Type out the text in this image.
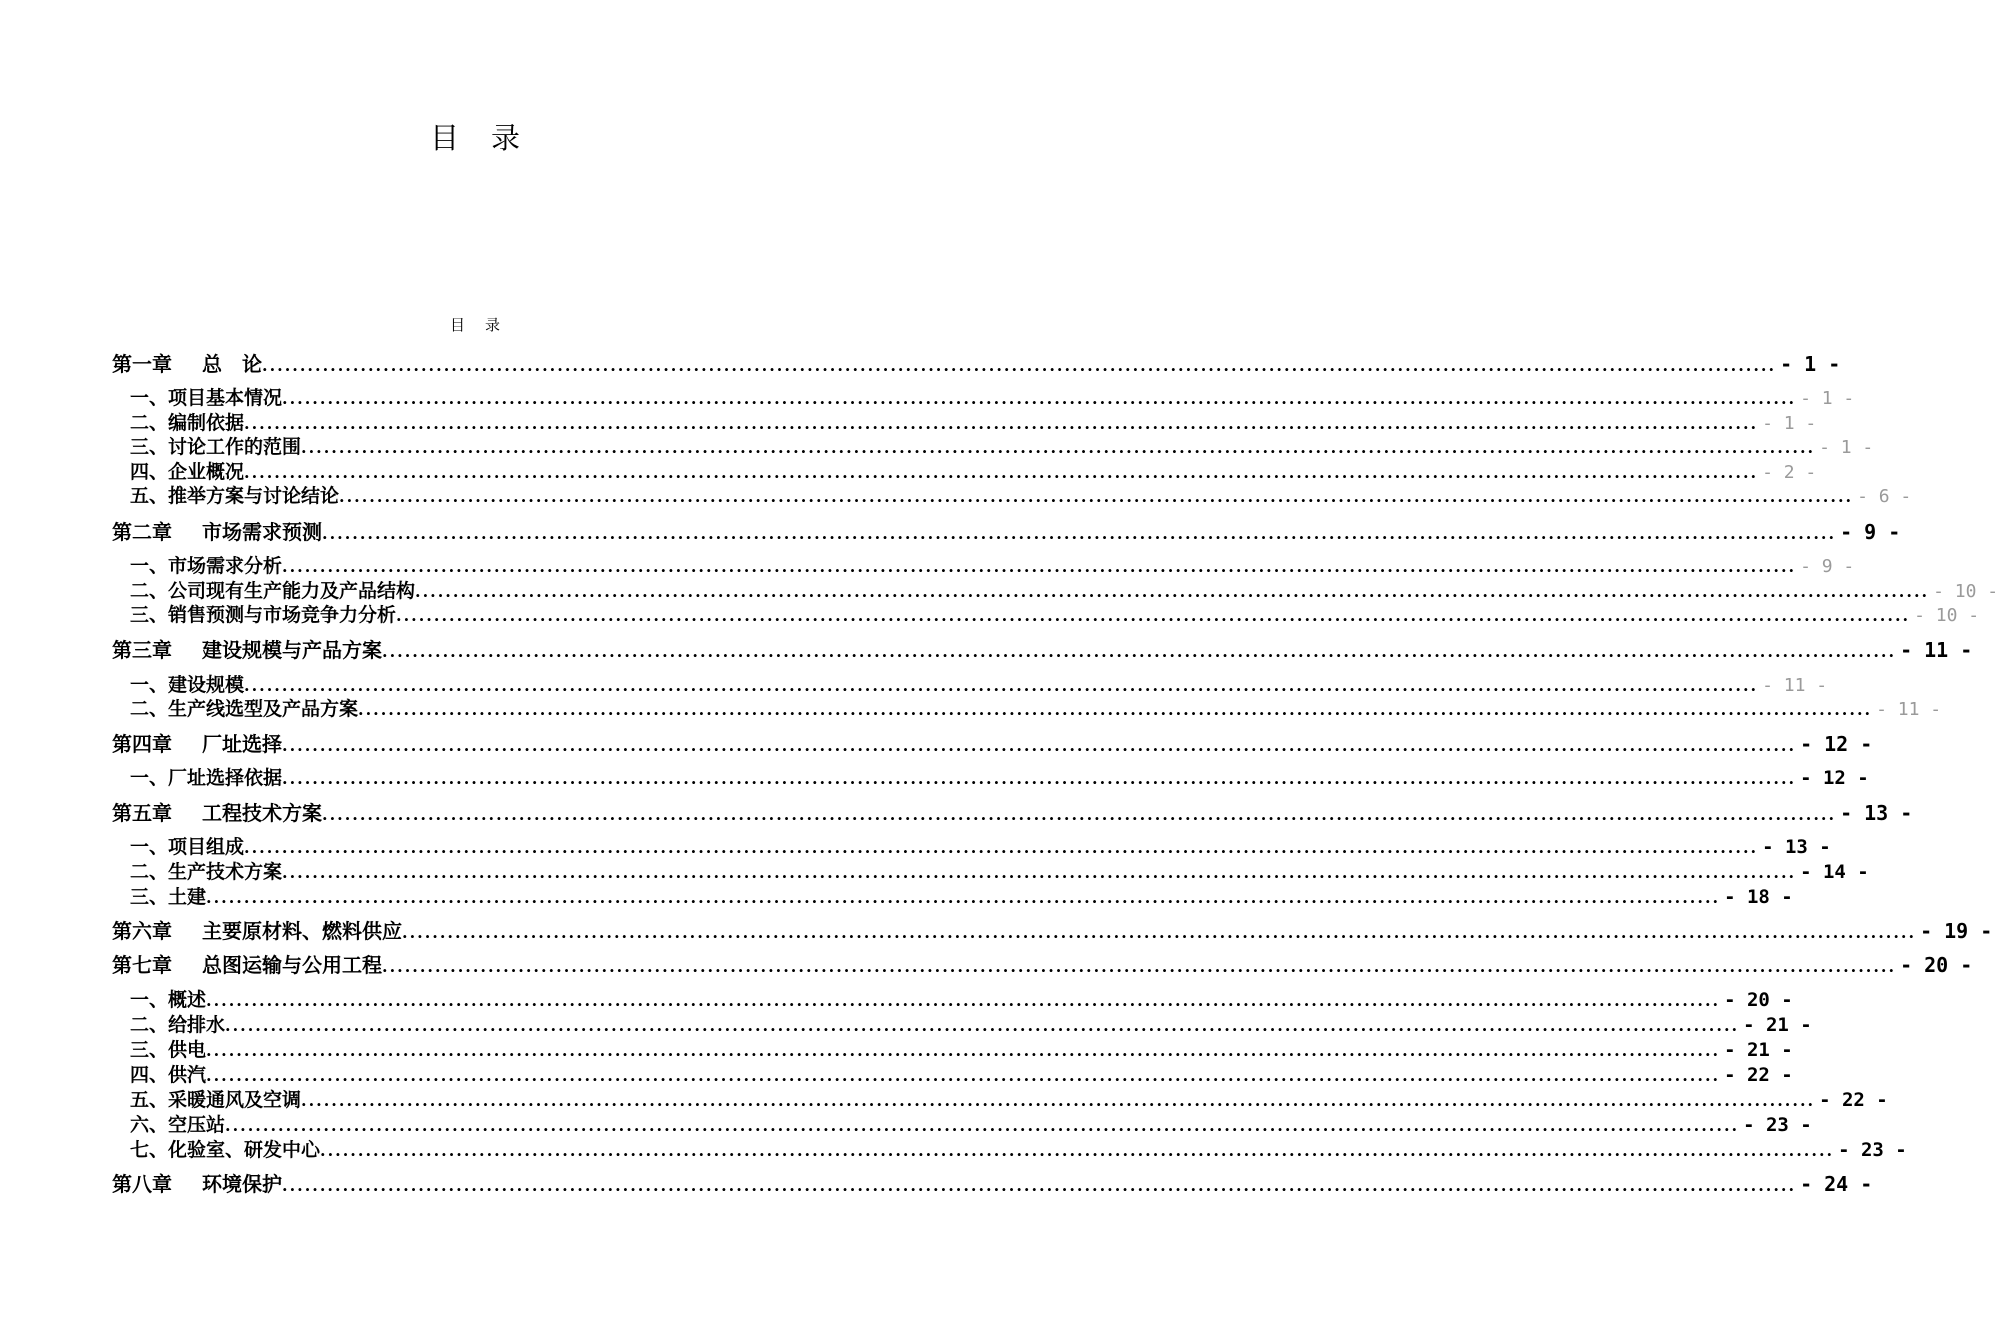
目录
目录
第一章 总　论 ........................................................................................................................................................................................................ - 1 -
一、项目基本情况 ........................................................................................................................................................................................................ - 1 -
二、编制依据 ........................................................................................................................................................................................................ - 1 -
三、讨论工作的范围 ........................................................................................................................................................................................................ - 1 -
四、企业概况 ........................................................................................................................................................................................................ - 2 -
五、推举方案与讨论结论 ........................................................................................................................................................................................................ - 6 -
第二章 市场需求预测 ........................................................................................................................................................................................................ - 9 -
一、市场需求分析 ........................................................................................................................................................................................................ - 9 -
二、公司现有生产能力及产品结构 ........................................................................................................................................................................................................ - 10 -
三、销售预测与市场竞争力分析 ........................................................................................................................................................................................................ - 10 -
第三章 建设规模与产品方案 ........................................................................................................................................................................................................ - 11 -
一、建设规模 ........................................................................................................................................................................................................ - 11 -
二、生产线选型及产品方案 ........................................................................................................................................................................................................ - 11 -
第四章 厂址选择 ........................................................................................................................................................................................................ - 12 -
一、厂址选择依据 ........................................................................................................................................................................................................ - 12 -
第五章 工程技术方案 ........................................................................................................................................................................................................ - 13 -
一、项目组成 ........................................................................................................................................................................................................ - 13 -
二、生产技术方案 ........................................................................................................................................................................................................ - 14 -
三、土建 ........................................................................................................................................................................................................ - 18 -
第六章 主要原材料、燃料供应 ........................................................................................................................................................................................................ - 19 -
第七章 总图运输与公用工程 ........................................................................................................................................................................................................ - 20 -
一、概述 ........................................................................................................................................................................................................ - 20 -
二、给排水 ........................................................................................................................................................................................................ - 21 -
三、供电 ........................................................................................................................................................................................................ - 21 -
四、供汽 ........................................................................................................................................................................................................ - 22 -
五、采暖通风及空调 ........................................................................................................................................................................................................ - 22 -
六、空压站 ........................................................................................................................................................................................................ - 23 -
七、化验室、研发中心 ........................................................................................................................................................................................................ - 23 -
第八章 环境保护 ........................................................................................................................................................................................................ - 24 -
